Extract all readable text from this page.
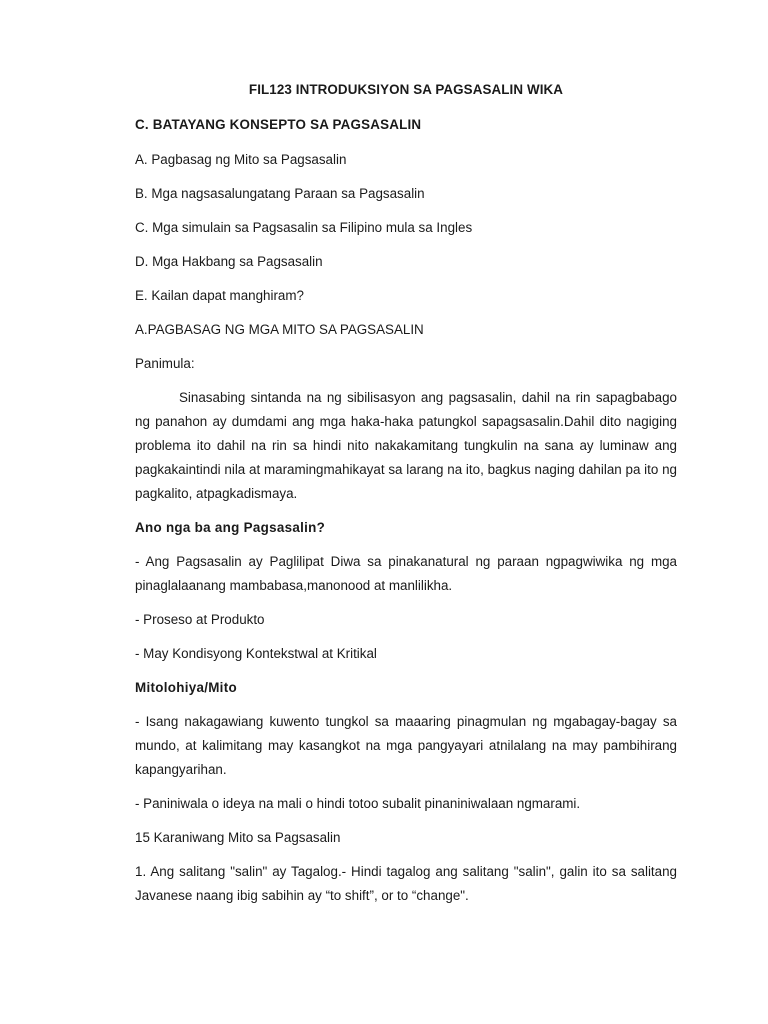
FIL123 INTRODUKSIYON SA PAGSASALIN WIKA
C. BATAYANG KONSEPTO SA PAGSASALIN
A. Pagbasag ng Mito sa Pagsasalin
B. Mga nagsasalungatang Paraan sa Pagsasalin
C. Mga simulain sa Pagsasalin sa Filipino mula sa Ingles
D. Mga Hakbang sa Pagsasalin
E. Kailan dapat manghiram?
A.PAGBASAG NG MGA MITO SA PAGSASALIN
Panimula:
Sinasabing sintanda na ng sibilisasyon ang pagsasalin, dahil na rin sapagbabago ng panahon ay dumdami ang mga haka-haka patungkol sapagsasalin.Dahil dito nagiging problema ito dahil na rin sa hindi nito nakakamitang tungkulin na sana ay luminaw ang pagkakaintindi nila at maramingmahikayat sa larang na ito, bagkus naging dahilan pa ito ng pagkalito, atpagkadismaya.
Ano nga ba ang Pagsasalin?
- Ang Pagsasalin ay Paglilipat Diwa sa pinakanatural ng paraan ngpagwiwika ng mga pinaglalaanang mambabasa,manonood at manlilikha.
- Proseso at Produkto
- May Kondisyong Kontekstwal at Kritikal
Mitolohiya/Mito
- Isang nakagawiang kuwento tungkol sa maaaring pinagmulan ng mgabagay-bagay sa mundo, at kalimitang may kasangkot na mga pangyayari atnilalang na may pambihirang kapangyarihan.
- Paniniwala o ideya na mali o hindi totoo subalit pinaniniwalaan ngmarami.
15 Karaniwang Mito sa Pagsasalin
1. Ang salitang "salin" ay Tagalog.- Hindi tagalog ang salitang "salin", galin ito sa salitang Javanese naang ibig sabihin ay “to shift”, or to “change".
